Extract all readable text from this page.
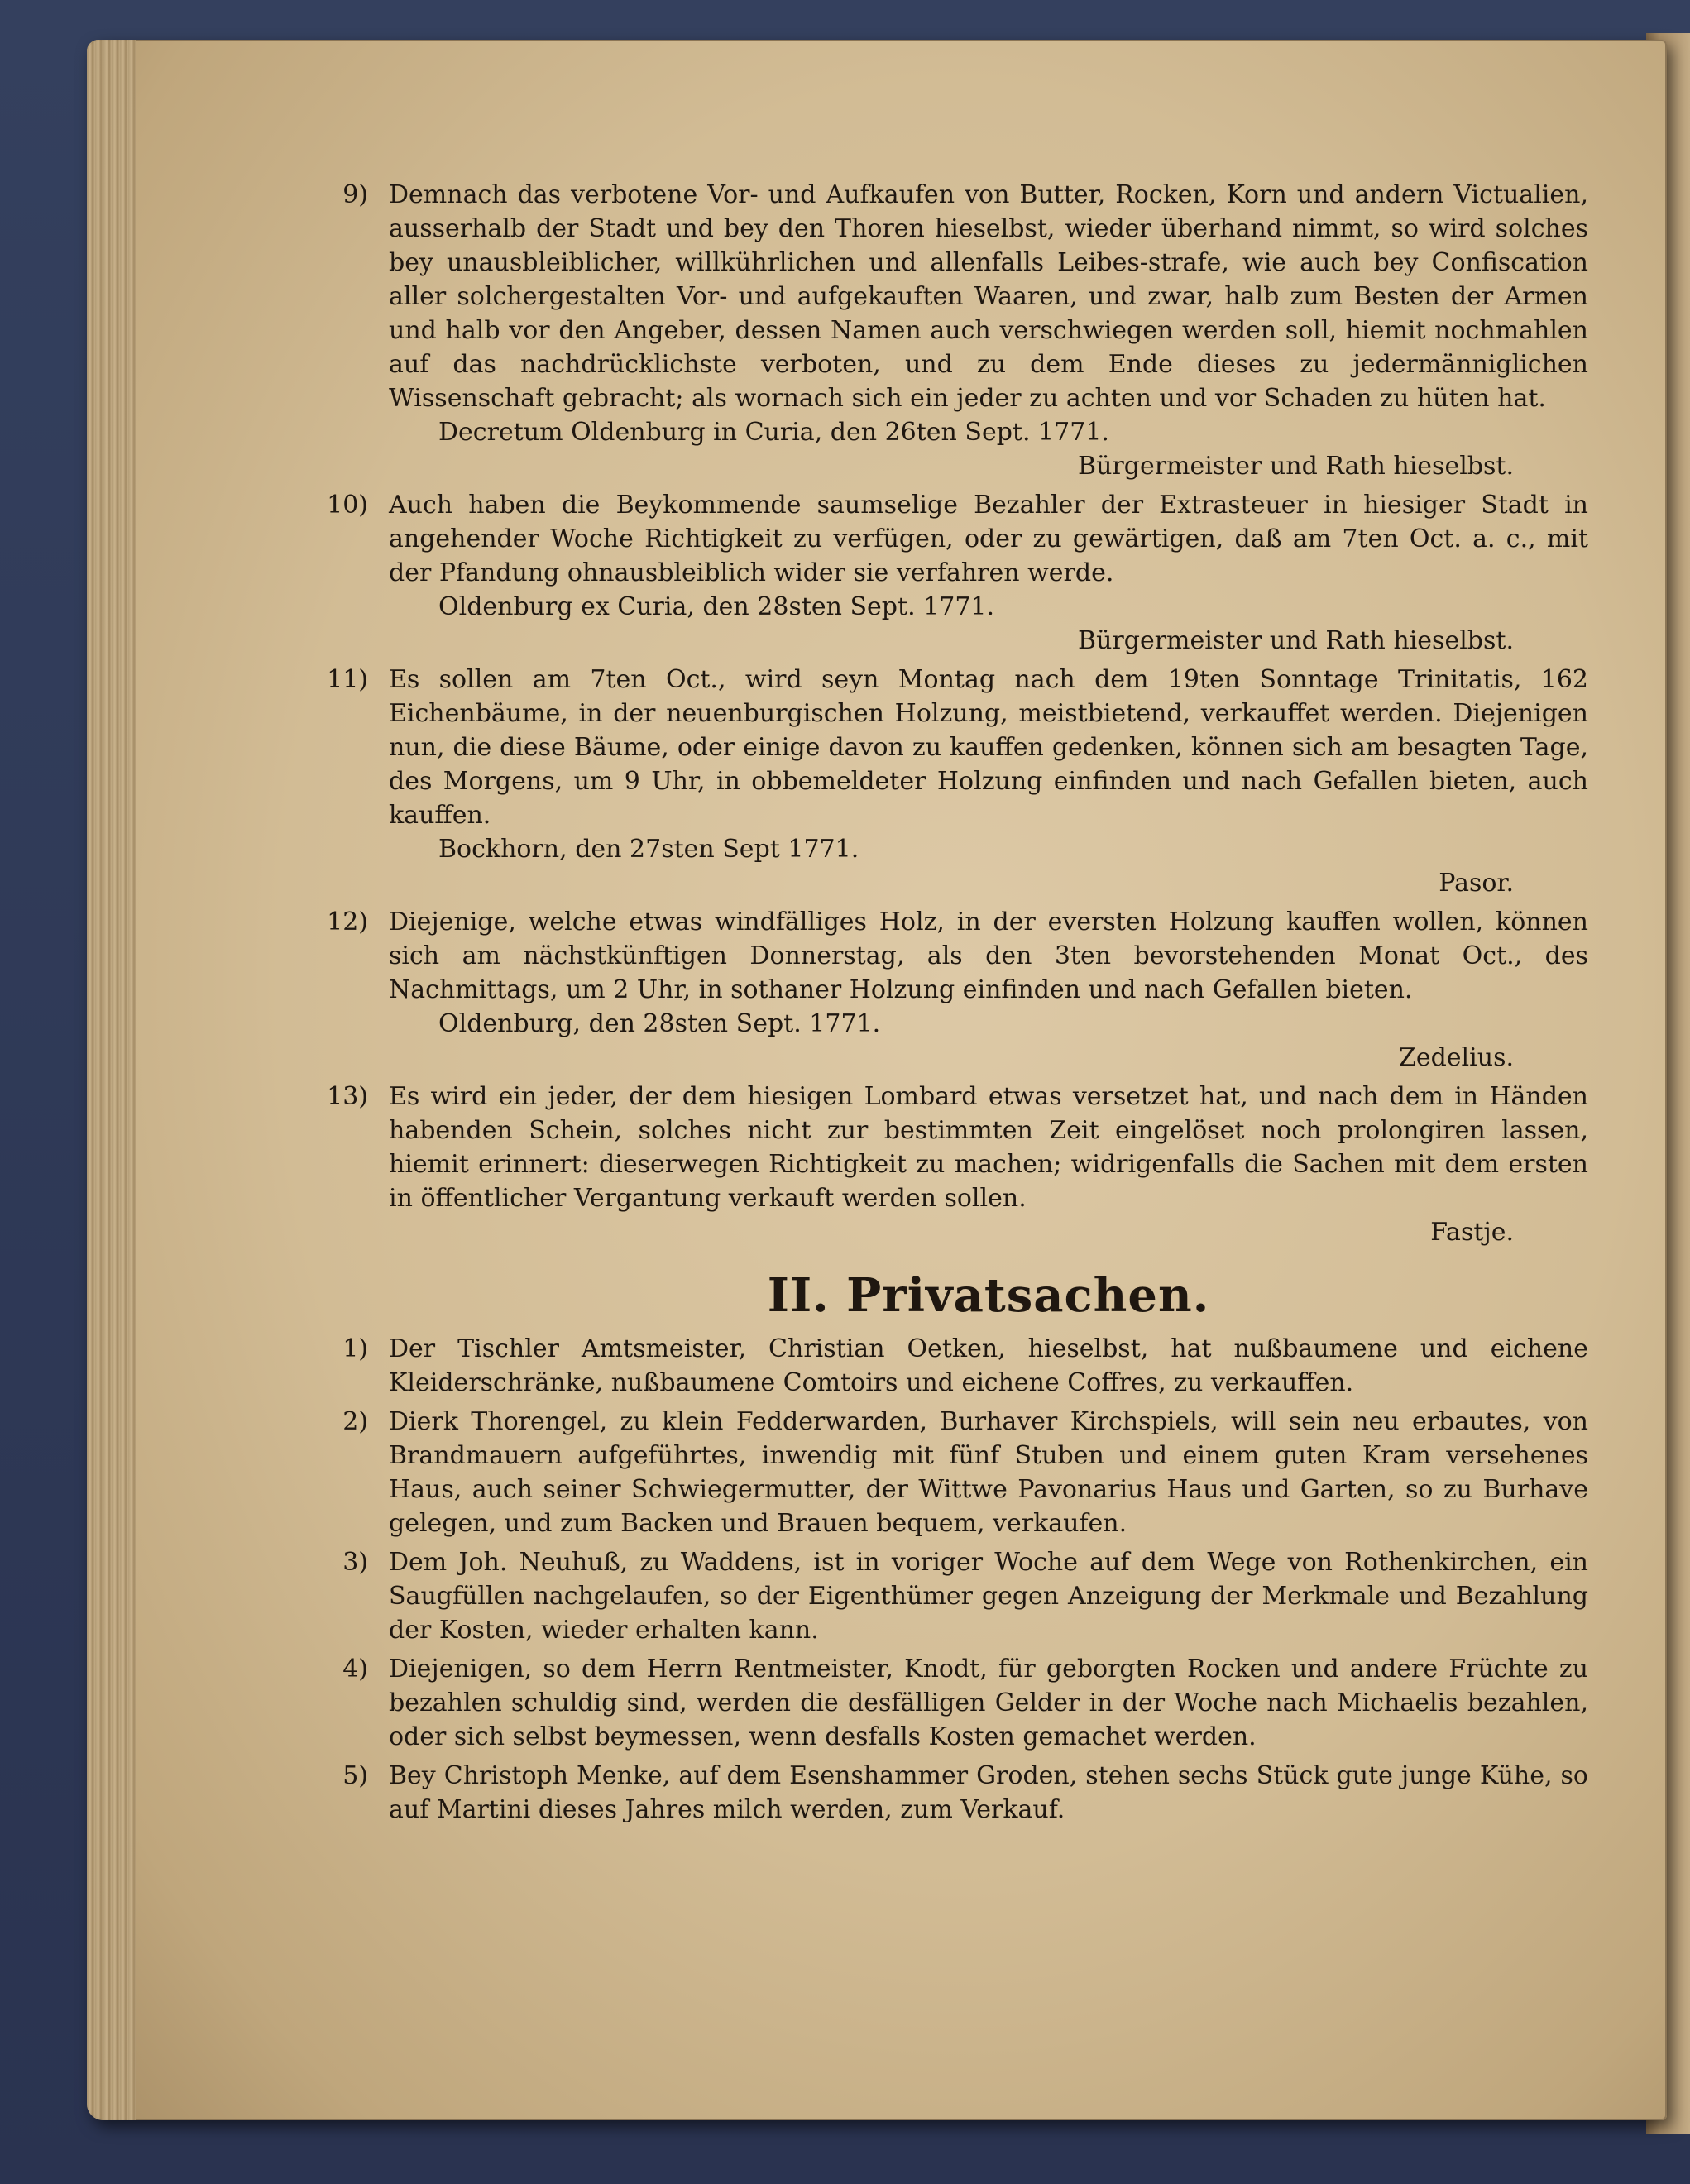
9) Demnach das verbotene Vor- und Aufkaufen von Butter, Rocken, Korn und andern Victualien, ausserhalb der Stadt und bey den Thoren hieselbst, wieder überhand nimmt, so wird solches bey unausbleiblicher, willkührlichen und allenfalls Leibes-strafe, wie auch bey Confiscation aller solchergestalten Vor- und aufgekauften Waaren, und zwar, halb zum Besten der Armen und halb vor den Angeber, dessen Namen auch verschwiegen werden soll, hiemit nochmahlen auf das nachdrücklichste verboten, und zu dem Ende dieses zu jedermänniglichen Wissenschaft gebracht; als wornach sich ein jeder zu achten und vor Schaden zu hüten hat.

Decretum Oldenburg in Curia, den 26ten Sept. 1771.

Bürgermeister und Rath hieselbst.

10) Auch haben die Beykommende saumselige Bezahler der Extrasteuer in hiesiger Stadt in angehender Woche Richtigkeit zu verfügen, oder zu gewärtigen, daß am 7ten Oct. a. c., mit der Pfandung ohnausbleiblich wider sie verfahren werde.

Oldenburg ex Curia, den 28sten Sept. 1771.

Bürgermeister und Rath hieselbst.

11) Es sollen am 7ten Oct., wird seyn Montag nach dem 19ten Sonntage Trinitatis, 162 Eichenbäume, in der neuenburgischen Holzung, meistbietend, verkauffet werden. Diejenigen nun, die diese Bäume, oder einige davon zu kauffen gedenken, können sich am besagten Tage, des Morgens, um 9 Uhr, in obbemeldeter Holzung einfinden und nach Gefallen bieten, auch kauffen.

Bockhorn, den 27sten Sept 1771.

Pasor.

12) Diejenige, welche etwas windfälliges Holz, in der eversten Holzung kauffen wollen, können sich am nächstkünftigen Donnerstag, als den 3ten bevorstehenden Monat Oct., des Nachmittags, um 2 Uhr, in sothaner Holzung einfinden und nach Gefallen bieten.

Oldenburg, den 28sten Sept. 1771.

Zedelius.

13) Es wird ein jeder, der dem hiesigen Lombard etwas versetzet hat, und nach dem in Händen habenden Schein, solches nicht zur bestimmten Zeit eingelöset noch prolongiren lassen, hiemit erinnert: dieserwegen Richtigkeit zu machen; widrigenfalls die Sachen mit dem ersten in öffentlicher Vergantung verkauft werden sollen.

Fastje.

II. Privatsachen.
1) Der Tischler Amtsmeister, Christian Oetken, hieselbst, hat nußbaumene und eichene Kleiderschränke, nußbaumene Comtoirs und eichene Coffres, zu verkauffen.

2) Dierk Thorengel, zu klein Fedderwarden, Burhaver Kirchspiels, will sein neu erbautes, von Brandmauern aufgeführtes, inwendig mit fünf Stuben und einem guten Kram versehenes Haus, auch seiner Schwiegermutter, der Wittwe Pavonarius Haus und Garten, so zu Burhave gelegen, und zum Backen und Brauen bequem, verkaufen.

3) Dem Joh. Neuhuß, zu Waddens, ist in voriger Woche auf dem Wege von Rothenkirchen, ein Saugfüllen nachgelaufen, so der Eigenthümer gegen Anzeigung der Merkmale und Bezahlung der Kosten, wieder erhalten kann.

4) Diejenigen, so dem Herrn Rentmeister, Knodt, für geborgten Rocken und andere Früchte zu bezahlen schuldig sind, werden die desfälligen Gelder in der Woche nach Michaelis bezahlen, oder sich selbst beymessen, wenn desfalls Kosten gemachet werden.

5) Bey Christoph Menke, auf dem Esenshammer Groden, stehen sechs Stück gute junge Kühe, so auf Martini dieses Jahres milch werden, zum Verkauf.
